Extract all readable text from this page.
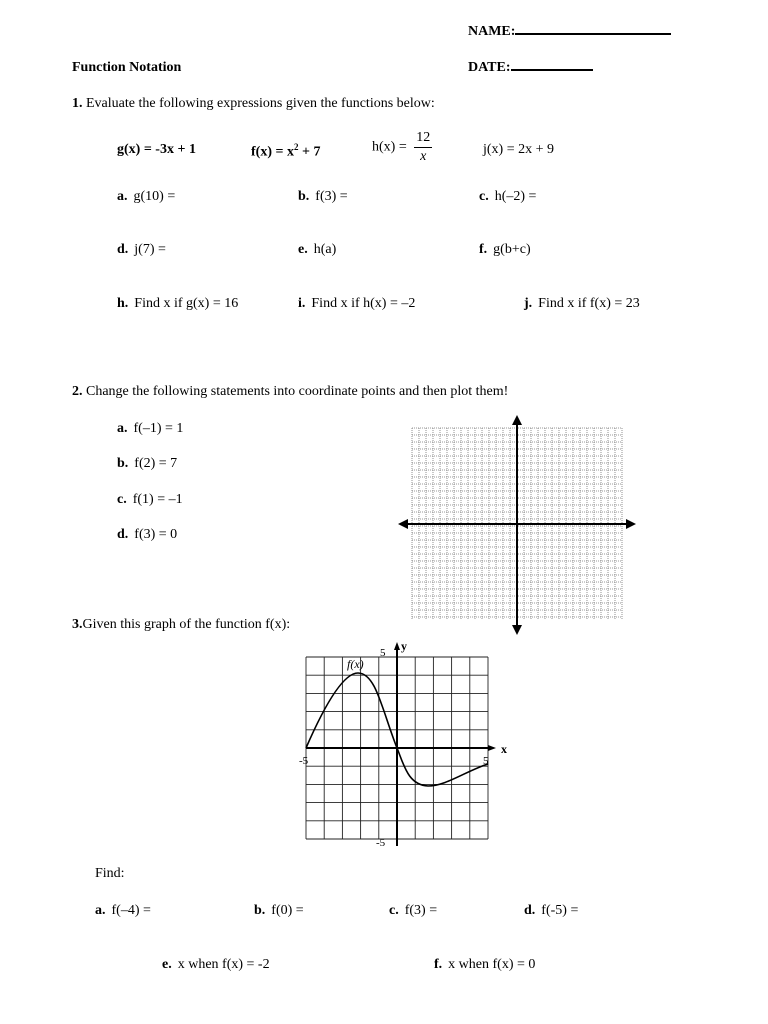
NAME:
Function Notation	DATE:
1. Evaluate the following expressions given the functions below:
g(x) = -3x + 1	$f(x) = x^2 + 7$	$h(x) = \frac{12}{x}$	j(x) = 2x + 9
a. g(10) =	b. f(3) =	c. h(–2) =
d. j(7) =	e. h(a)	f. g(b+c)
h. Find x if g(x) = 16	i. Find x if h(x) = –2	j. Find x if f(x) = 23
2. Change the following statements into coordinate points and then plot them!
a. f(–1) = 1
b. f(2) = 7
c. f(1) = –1
d. f(3) = 0
3.Given this graph of the function f(x):
f(x)
x
y
5
-5
-5	5
Find:
a. f(–4) =	b. f(0) =	c. f(3) =	d. f(-5) =
e. x when f(x) = -2	f. x when f(x) = 0
